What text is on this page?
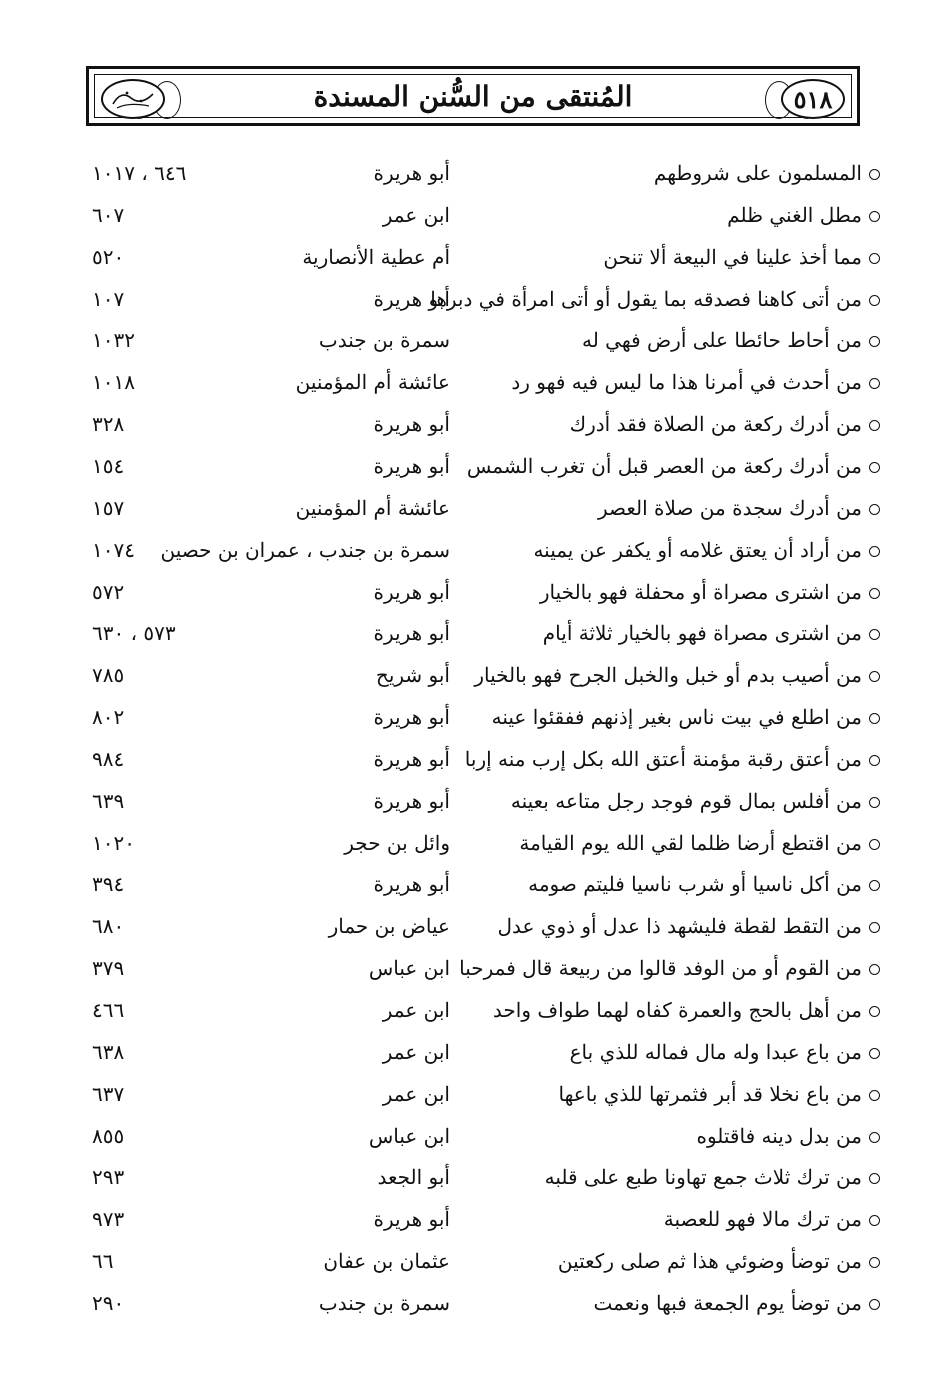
المُنتقى من السُّنن المسندة	٥١٨
المسلمون على شروطهم
أبو هريرة
٦٤٦ ، ١٠١٧
مطل الغني ظلم
ابن عمر
٦٠٧
مما أخذ علينا في البيعة ألا تنحن
أم عطية الأنصارية
٥٢٠
من أتى كاهنا فصدقه بما يقول أو أتى امرأة في دبرها
أبو هريرة
١٠٧
من أحاط حائطا على أرض فهي له
سمرة بن جندب
١٠٣٢
من أحدث في أمرنا هذا ما ليس فيه فهو رد
عائشة أم المؤمنين
١٠١٨
من أدرك ركعة من الصلاة فقد أدرك
أبو هريرة
٣٢٨
من أدرك ركعة من العصر قبل أن تغرب الشمس
أبو هريرة
١٥٤
من أدرك سجدة من صلاة العصر
عائشة أم المؤمنين
١٥٧
من أراد أن يعتق غلامه أو يكفر عن يمينه
سمرة بن جندب ، عمران بن حصين
١٠٧٤
من اشترى مصراة أو محفلة فهو بالخيار
أبو هريرة
٥٧٢
من اشترى مصراة فهو بالخيار ثلاثة أيام
أبو هريرة
٥٧٣ ، ٦٣٠
من أصيب بدم أو خبل والخبل الجرح فهو بالخيار
أبو شريح
٧٨٥
من اطلع في بيت ناس بغير إذنهم ففقئوا عينه
أبو هريرة
٨٠٢
من أعتق رقبة مؤمنة أعتق الله بكل إرب منه إربا
أبو هريرة
٩٨٤
من أفلس بمال قوم فوجد رجل متاعه بعينه
أبو هريرة
٦٣٩
من اقتطع أرضا ظلما لقي الله يوم القيامة
وائل بن حجر
١٠٢٠
من أكل ناسيا أو شرب ناسيا فليتم صومه
أبو هريرة
٣٩٤
من التقط لقطة فليشهد ذا عدل أو ذوي عدل
عياض بن حمار
٦٨٠
من القوم أو من الوفد قالوا من ربيعة قال فمرحبا
ابن عباس
٣٧٩
من أهل بالحج والعمرة كفاه لهما طواف واحد
ابن عمر
٤٦٦
من باع عبدا وله مال فماله للذي باع
ابن عمر
٦٣٨
من باع نخلا قد أبر فثمرتها للذي باعها
ابن عمر
٦٣٧
من بدل دينه فاقتلوه
ابن عباس
٨٥٥
من ترك ثلاث جمع تهاونا طبع على قلبه
أبو الجعد
٢٩٣
من ترك مالا فهو للعصبة
أبو هريرة
٩٧٣
من توضأ وضوئي هذا ثم صلى ركعتين
عثمان بن عفان
٦٦
من توضأ يوم الجمعة فبها ونعمت
سمرة بن جندب
٢٩٠
